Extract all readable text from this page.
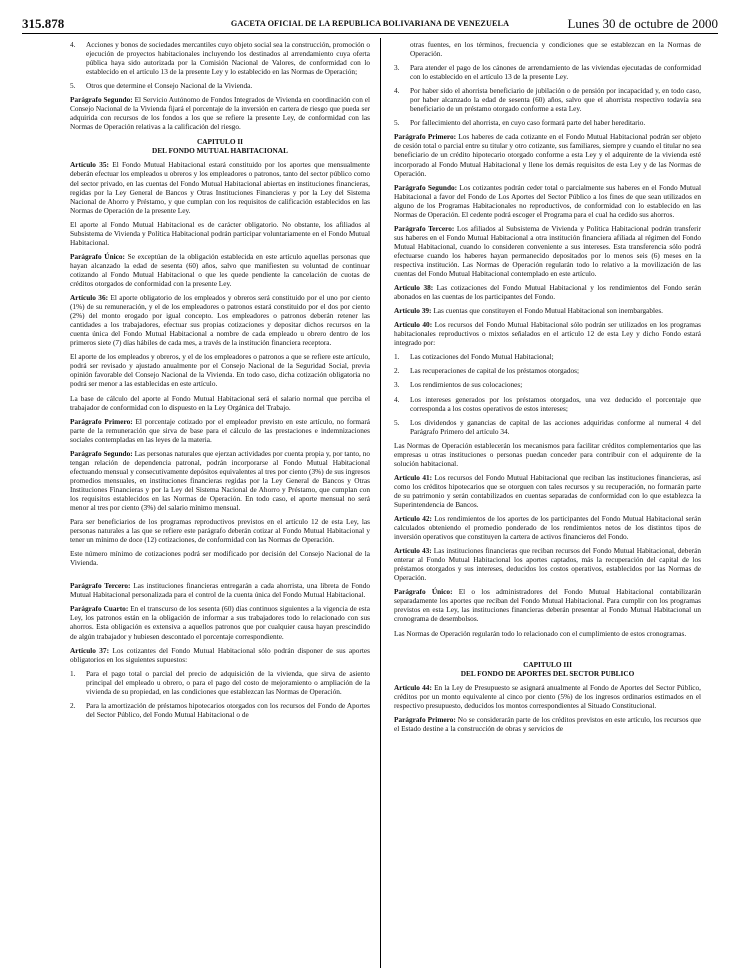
315.878	GACETA OFICIAL DE LA REPUBLICA BOLIVARIANA DE VENEZUELA	Lunes 30 de octubre de 2000
4. Acciones y bonos de sociedades mercantiles cuyo objeto social sea la construcción, promoción o ejecución de proyectos habitacionales incluyendo los destinados al arrendamiento cuya oferta pública haya sido autorizada por la Comisión Nacional de Valores, de conformidad con lo establecido en el artículo 13 de la presente Ley y lo establecido en las Normas de Operación;
5. Otros que determine el Consejo Nacional de la Vivienda.

Parágrafo Segundo: El Servicio Autónomo de Fondos Integrados de Vivienda en coordinación con el Consejo Nacional de la Vivienda fijará el porcentaje de la inversión en cartera de riesgo que pueda ser adquirida con recursos de los fondos a los que se refiere la presente Ley, de conformidad con las Normas de Operación relativas a la calificación del riesgo.

CAPITULO II
DEL FONDO MUTUAL HABITACIONAL

Artículo 35: El Fondo Mutual Habitacional estará constituido por los aportes que mensualmente deberán efectuar los empleados u obreros y los empleadores o patronos, tanto del sector público como del sector privado, en las cuentas del Fondo Mutual Habitacional abiertas en instituciones financieras, regidas por la Ley General de Bancos y Otras Instituciones Financieras y por la Ley del Sistema Nacional de Ahorro y Préstamo, y que cumplan con los requisitos de calificación establecidos en las Normas de Operación de la presente Ley.

El aporte al Fondo Mutual Habitacional es de carácter obligatorio. No obstante, los afiliados al Subsistema de Vivienda y Política Habitacional podrán participar voluntariamente en el Fondo Mutual Habitacional.

Parágrafo Único: Se exceptúan de la obligación establecida en este artículo aquellas personas que hayan alcanzado la edad de sesenta (60) años, salvo que manifiesten su voluntad de continuar cotizando al Fondo Mutual Habitacional o que les quede pendiente la cancelación de cuotas de créditos otorgados de conformidad con la presente Ley.

Artículo 36: El aporte obligatorio de los empleados y obreros será constituido por el uno por ciento (1%) de su remuneración, y el de los empleadores o patronos estará constituido por el dos por ciento (2%) del monto erogado por igual concepto. Los empleadores o patronos deberán retener las cantidades a los trabajadores, efectuar sus propias cotizaciones y depositar dichos recursos en la cuenta única del Fondo Mutual Habitacional a nombre de cada empleado u obrero dentro de los primeros siete (7) días hábiles de cada mes, a través de la institución financiera receptora.

El aporte de los empleados y obreros, y el de los empleadores o patronos a que se refiere este artículo, podrá ser revisado y ajustado anualmente por el Consejo Nacional de la Seguridad Social, previa opinión favorable del Consejo Nacional de la Vivienda. En todo caso, dicha cotización obligatoria no podrá ser menor a las establecidas en este artículo.

La base de cálculo del aporte al Fondo Mutual Habitacional será el salario normal que perciba el trabajador de conformidad con lo dispuesto en la Ley Orgánica del Trabajo.

Parágrafo Primero: El porcentaje cotizado por el empleador previsto en este artículo, no formará parte de la remuneración que sirva de base para el cálculo de las prestaciones e indemnizaciones sociales contempladas en las leyes de la materia.

Parágrafo Segundo: Las personas naturales que ejerzan actividades por cuenta propia y, por tanto, no tengan relación de dependencia patronal, podrán incorporarse al Fondo Mutual Habitacional efectuando mensual y consecutivamente depósitos equivalentes al tres por ciento (3%) de sus ingresos promedios mensuales, en instituciones financieras regidas por la Ley General de Bancos y Otras Instituciones Financieras y por la Ley del Sistema Nacional de Ahorro y Préstamo, que cumplan con los requisitos establecidos en las Normas de Operación. En todo caso, el aporte mensual no será menor al tres por ciento (3%) del salario mínimo mensual.

Para ser beneficiarios de los programas reproductivos previstos en el artículo 12 de esta Ley, las personas naturales a las que se refiere este parágrafo deberán cotizar al Fondo Mutual Habitacional y tener un mínimo de doce (12) cotizaciones, de conformidad con las Normas de Operación.

Este número mínimo de cotizaciones podrá ser modificado por decisión del Consejo Nacional de la Vivienda.

Parágrafo Tercero: Las instituciones financieras entregarán a cada ahorrista, una libreta de Fondo Mutual Habitacional personalizada para el control de la cuenta única del Fondo Mutual Habitacional.

Parágrafo Cuarto: En el transcurso de los sesenta (60) días continuos siguientes a la vigencia de esta Ley, los patronos están en la obligación de informar a sus trabajadores todo lo relacionado con sus ahorros. Esta obligación es extensiva a aquellos patronos que por cualquier causa hayan prescindido de algún trabajador y hubiesen descontado el porcentaje correspondiente.

Artículo 37: Los cotizantes del Fondo Mutual Habitacional sólo podrán disponer de sus aportes obligatorios en los siguientes supuestos:

1. Para el pago total o parcial del precio de adquisición de la vivienda, que sirva de asiento principal del empleado u obrero, o para el pago del costo de mejoramiento o ampliación de la vivienda de su propiedad, en las condiciones que establezcan las Normas de Operación.
2. Para la amortización de préstamos hipotecarios otorgados con los recursos del Fondo de Aportes del Sector Público, del Fondo Mutual Habitacional o de
otras fuentes, en los términos, frecuencia y condiciones que se establezcan en la Normas de Operación.
3. Para atender el pago de los cánones de arrendamiento de las viviendas ejecutadas de conformidad con lo establecido en el artículo 13 de la presente Ley.
4. Por haber sido el ahorrista beneficiario de jubilación o de pensión por incapacidad y, en todo caso, por haber alcanzado la edad de sesenta (60) años, salvo que el ahorrista respectivo todavía sea beneficiario de un préstamo otorgado conforme a esta Ley.
5. Por fallecimiento del ahorrista, en cuyo caso formará parte del haber hereditario.

Parágrafo Primero: Los haberes de cada cotizante en el Fondo Mutual Habitacional podrán ser objeto de cesión total o parcial entre su titular y otro cotizante, sus familiares, siempre y cuando el titular no sea beneficiario de un crédito hipotecario otorgado conforme a esta Ley y el adquirente de la vivienda esté incorporado al Fondo Mutual Habitacional y llene los demás requisitos de esta Ley y de las Normas de Operación.

Parágrafo Segundo: Los cotizantes podrán ceder total o parcialmente sus haberes en el Fondo Mutual Habitacional a favor del Fondo de Los Aportes del Sector Público a los fines de que sean utilizados en alguno de los Programas Habitacionales no reproductivos, de conformidad con lo establecido en las Normas de Operación. El cedente podrá escoger el Programa para el cual ha cedido sus ahorros.

Parágrafo Tercero: Los afiliados al Subsistema de Vivienda y Política Habitacional podrán transferir sus haberes en el Fondo Mutual Habitacional a otra institución financiera afiliada al régimen del Fondo Mutual Habitacional, cuando lo consideren conveniente a sus intereses. Esta transferencia sólo podrá efectuarse cuando los haberes hayan permanecido depositados por lo menos seis (6) meses en la respectiva institución. Las Normas de Operación regularán todo lo relativo a la movilización de las cuentas del Fondo Mutual Habitacional contemplado en este artículo.

Artículo 38: Las cotizaciones del Fondo Mutual Habitacional y los rendimientos del Fondo serán abonados en las cuentas de los participantes del Fondo.

Artículo 39: Las cuentas que constituyen el Fondo Mutual Habitacional son inembargables.

Artículo 40: Los recursos del Fondo Mutual Habitacional sólo podrán ser utilizados en los programas habitacionales reproductivos o mixtos señalados en el artículo 12 de esta Ley y dicho Fondo estará integrado por:

1. Las cotizaciones del Fondo Mutual Habitacional;
2. Las recuperaciones de capital de los préstamos otorgados;
3. Los rendimientos de sus colocaciones;
4. Los intereses generados por los préstamos otorgados, una vez deducido el porcentaje que corresponda a los costos operativos de estos intereses;
5. Los dividendos y ganancias de capital de las acciones adquiridas conforme al numeral 4 del Parágrafo Primero del artículo 34.

Las Normas de Operación establecerán los mecanismos para facilitar créditos complementarios que las empresas u otras instituciones o personas puedan conceder para contribuir con el adquirente de la solución habitacional.

Artículo 41: Los recursos del Fondo Mutual Habitacional que reciban las instituciones financieras, así como los créditos hipotecarios que se otorguen con tales recursos y su recuperación, no formarán parte de su patrimonio y serán contabilizados en cuentas separadas de conformidad con lo que establezca la Superintendencia de Bancos.

Artículo 42: Los rendimientos de los aportes de los participantes del Fondo Mutual Habitacional serán calculados obteniendo el promedio ponderado de los rendimientos netos de los distintos tipos de inversión operativos que constituyen la cartera de activos financieros del Fondo.

Artículo 43: Las instituciones financieras que reciban recursos del Fondo Mutual Habitacional, deberán enterar al Fondo Mutual Habitacional los aportes captados, más la recuperación del capital de los préstamos otorgados y sus intereses, deducidos los costos operativos, establecidos por las Normas de Operación.

Parágrafo Único: El o los administradores del Fondo Mutual Habitacional contabilizarán separadamente los aportes que reciban del Fondo Mutual Habitacional. Para cumplir con los programas previstos en esta Ley, las instituciones financieras deberán presentar al Fondo Mutual Habitacional un cronograma de desembolsos.

Las Normas de Operación regularán todo lo relacionado con el cumplimiento de estos cronogramas.

CAPITULO III
DEL FONDO DE APORTES DEL SECTOR PUBLICO

Artículo 44: En la Ley de Presupuesto se asignará anualmente al Fondo de Aportes del Sector Público, créditos por un monto equivalente al cinco por ciento (5%) de los ingresos ordinarios estimados en el respectivo presupuesto, deducidos los montos correspondientes al Situado Constitucional.

Parágrafo Primero: No se considerarán parte de los créditos previstos en este artículo, los recursos que el Estado destine a la construcción de obras y servicios de
